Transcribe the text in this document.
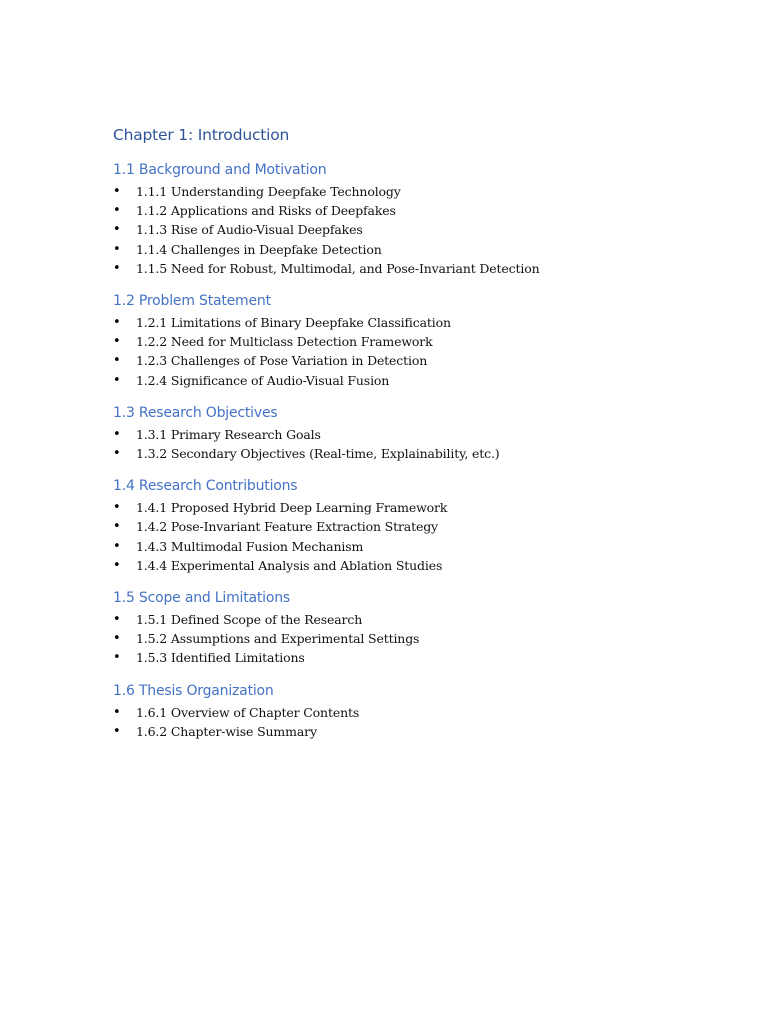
Chapter 1: Introduction
1.1 Background and Motivation
• 1.1.1 Understanding Deepfake Technology
• 1.1.2 Applications and Risks of Deepfakes
• 1.1.3 Rise of Audio-Visual Deepfakes
• 1.1.4 Challenges in Deepfake Detection
• 1.1.5 Need for Robust, Multimodal, and Pose-Invariant Detection
1.2 Problem Statement
• 1.2.1 Limitations of Binary Deepfake Classification
• 1.2.2 Need for Multiclass Detection Framework
• 1.2.3 Challenges of Pose Variation in Detection
• 1.2.4 Significance of Audio-Visual Fusion
1.3 Research Objectives
• 1.3.1 Primary Research Goals
• 1.3.2 Secondary Objectives (Real-time, Explainability, etc.)
1.4 Research Contributions
• 1.4.1 Proposed Hybrid Deep Learning Framework
• 1.4.2 Pose-Invariant Feature Extraction Strategy
• 1.4.3 Multimodal Fusion Mechanism
• 1.4.4 Experimental Analysis and Ablation Studies
1.5 Scope and Limitations
• 1.5.1 Defined Scope of the Research
• 1.5.2 Assumptions and Experimental Settings
• 1.5.3 Identified Limitations
1.6 Thesis Organization
• 1.6.1 Overview of Chapter Contents
• 1.6.2 Chapter-wise Summary
